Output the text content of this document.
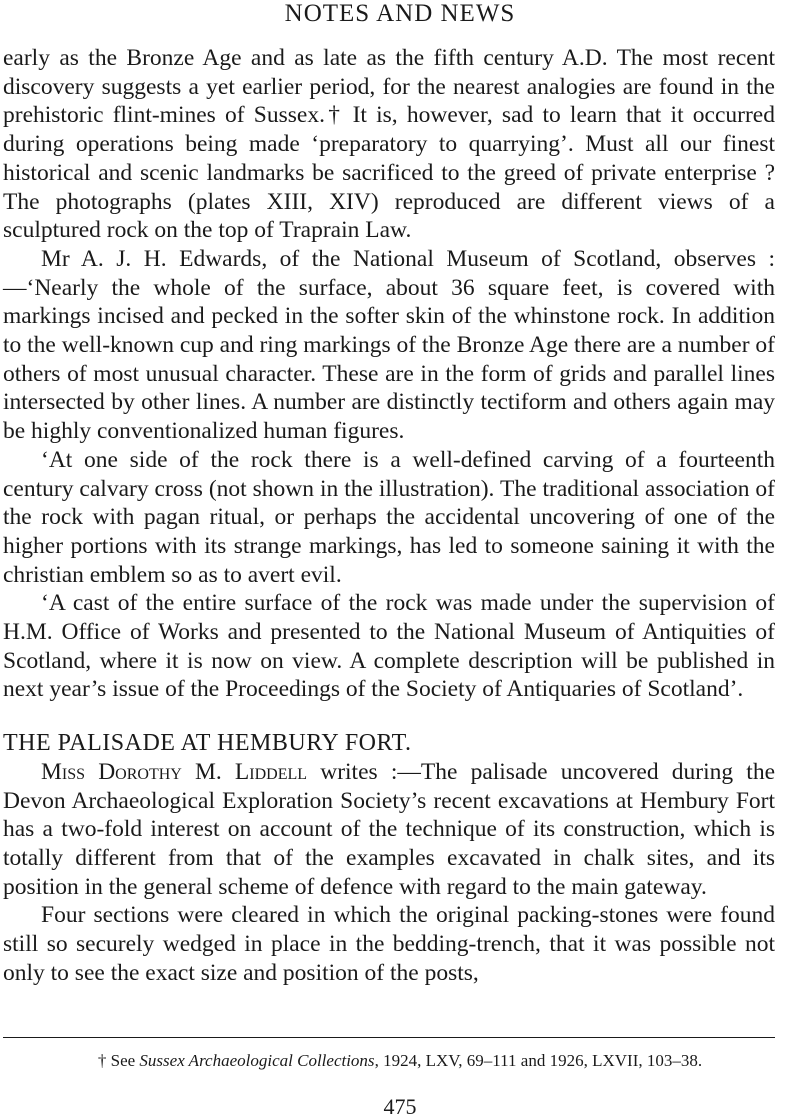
NOTES AND NEWS

early as the Bronze Age and as late as the fifth century A.D. The most recent discovery suggests a yet earlier period, for the nearest analogies are found in the prehistoric flint-mines of Sussex.† It is, however, sad to learn that it occurred during operations being made ‘preparatory to quarrying’. Must all our finest historical and scenic landmarks be sacrificed to the greed of private enterprise ? The photographs (plates XIII, XIV) reproduced are different views of a sculptured rock on the top of Traprain Law.

Mr A. J. H. Edwards, of the National Museum of Scotland, observes :—‘Nearly the whole of the surface, about 36 square feet, is covered with markings incised and pecked in the softer skin of the whinstone rock. In addition to the well-known cup and ring markings of the Bronze Age there are a number of others of most unusual character. These are in the form of grids and parallel lines intersected by other lines. A number are distinctly tectiform and others again may be highly conventionalized human figures.

‘At one side of the rock there is a well-defined carving of a fourteenth century calvary cross (not shown in the illustration). The traditional association of the rock with pagan ritual, or perhaps the accidental uncovering of one of the higher portions with its strange markings, has led to someone saining it with the christian emblem so as to avert evil.

‘A cast of the entire surface of the rock was made under the supervision of H.M. Office of Works and presented to the National Museum of Antiquities of Scotland, where it is now on view. A complete description will be published in next year’s issue of the Proceedings of the Society of Antiquaries of Scotland’.

THE PALISADE AT HEMBURY FORT.

Miss Dorothy M. Liddell writes :—The palisade uncovered during the Devon Archaeological Exploration Society’s recent excavations at Hembury Fort has a two-fold interest on account of the technique of its construction, which is totally different from that of the examples excavated in chalk sites, and its position in the general scheme of defence with regard to the main gateway.

Four sections were cleared in which the original packing-stones were found still so securely wedged in place in the bedding-trench, that it was possible not only to see the exact size and position of the posts,

† See Sussex Archaeological Collections, 1924, LXV, 69–111 and 1926, LXVII, 103–38.
475
